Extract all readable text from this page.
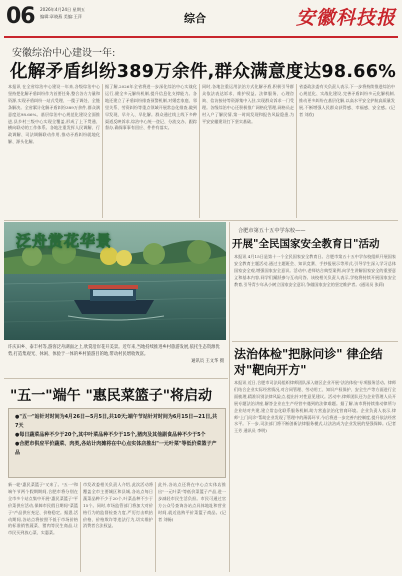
06 2026年4月24日 星期五
编辑:章晓燕 美编:王萍	综合	安徽科技报
安徽综治中心建设一年:
化解矛盾纠纷389万余件,群众满意度达98.66%
本报讯 在全省综治中心建设一年来,各级综治中心坚持把化解矛盾纠纷作为首要任务,整合各方力量和资源,实现矛盾纠纷一站式受理、一揽子调处、全链条解决。全省累计化解矛盾纠纷389万余件,群众满意度达98.66%。基层综治中心规范化建设全面推进,县乡村三级中心实现全覆盖,形成了上下贯通、横向联动的工作体系。各地注重发挥人民调解、行政调解、司法调解联动作用,推动矛盾纠纷就地化解、源头化解。
据了解,2026年全省将进一步深化综治中心实战化运行,健全多元解纷机制,提升信息化支撑能力。各地还建立了矛盾纠纷排查预警机制,对婚恋家庭、邻里关系、劳资纠纷等重点领域开展常态化排查,做到早发现、早介入、早化解。群众通过线上线下多种渠道反映诉求,综治中心统一登记、分流交办、跟踪督办,确保事事有回应、件件有落实。
同时,各地注重运用法治方式化解矛盾,积极引导群众依法表达诉求、维护权益。法律服务、心理咨询、信访接待等资源集中入驻,实现群众诉求一门受理。各级综治中心还积极推广网格化管理,网格员走村入户了解民情,第一时间发现和报告风险隐患,为平安安徽建设打下坚实基础。
省委政法委有关负责人表示,下一步将持续推进综治中心规范化、实战化建设,完善矛盾纠纷多元化解机制,推动更多纠纷在基层化解,以高水平安全护航高质量发展,不断增强人民群众获得感、幸福感、安全感。(记者 刘欣)
泛舟赏花华景
许庆田乡、泰丰村等,游客泛舟湖面之上,欣赏沿岸花开美景。近年来,当地持续推进乡村旅游发展,依托生态资源优势,打造集观光、休闲、体验于一体的乡村旅游目的地,带动村民增收致富。
通讯员 王文华 摄
合肥市第五十五中学东校——
开展"全民国家安全教育日"活动
本报讯 4月15日是第十一个全民国家安全教育日。合肥市第五十五中学东校组织开展国家安全教育主题活动,通过主题班会、知识竞赛、手抄报展示等形式,引导学生深入学习总体国家安全观,增强国家安全意识。活动中,老师结合典型案例,向学生讲解国家安全的重要意义和基本内容,同学们踊跃参与互动问答。该校相关负责人表示,学校将持续开展国家安全教育,引导青少年从小树立国家安全意识,争做国家安全的坚定维护者。(通讯员 张莉)
法治体检"把脉问诊" 律企结对"靶向开方"
本报讯 近日,合肥市司法局组织律师团队深入辖区企业开展"法治体检"专项服务活动。律师们结合企业实际经营情况,对合同管理、劳动用工、知识产权保护、安全生产等方面进行全面梳理,精准识别法律风险点,提出针对性意见建议。活动中,律师团队还为企业管理人员开展专题法治讲座,解答企业在生产经营中遇到的法律难题。据了解,该市将持续推动律所与企业结对共建,建立常态化联系服务机制,助力营造法治化营商环境。企业负责人表示,律师"上门问诊"帮助企业发现了管理中的薄弱环节,今后将进一步完善内控制度,提升依法经营水平。下一步,司法部门将不断创新法律服务模式,让法治成为企业发展的坚强保障。(记者 王芳 通讯员 李明)
"五一"端午 "惠民菜篮子"将启动
●"五一"站针对时间为4月26日—5月5日,共10天;端午节站针对时间为6月15日—21日,共7天
●每日蔬菜品种不少于20个,其中叶菜品种不少于15个,猪肉及其他副食品种不少于5个
●合肥市供应平价蔬菜、肉类,各站计肉摊将在中心点实体店推出"一元叶菜"等低价菜篮子产品
新一轮"惠民菜篮子"又来了。"五一"和端午节两个假期期间,合肥市将分别在全市多个站点集中开展"惠民菜篮子"平价菜供应活动,保障市民假日期间"菜篮子"产品供应充足、价格稳定。据悉,活动期间,各站点将按照不低于市场价格的标准销售蔬菜、猪肉等民生商品,让市民买到放心菜、实惠菜。
市发改委相关负责人介绍,此次活动将覆盖全市主要城区和县城,各站点每日蔬菜品种不少于20个,叶菜品种不少于15个。同时,市场监管部门将加大对价格行为的监督检查力度,严厉打击哄抬价格、价格欺诈等违法行为,切实维护消费者合法权益。
此外,各站点还将在中心点实体店推出"一元叶菜"等低价菜篮子产品,进一步减轻市民生活负担。市民可通过官方公众号查询各站点具体地址和营业时间,就近选购平价菜篮子商品。(记者 刘畅)
